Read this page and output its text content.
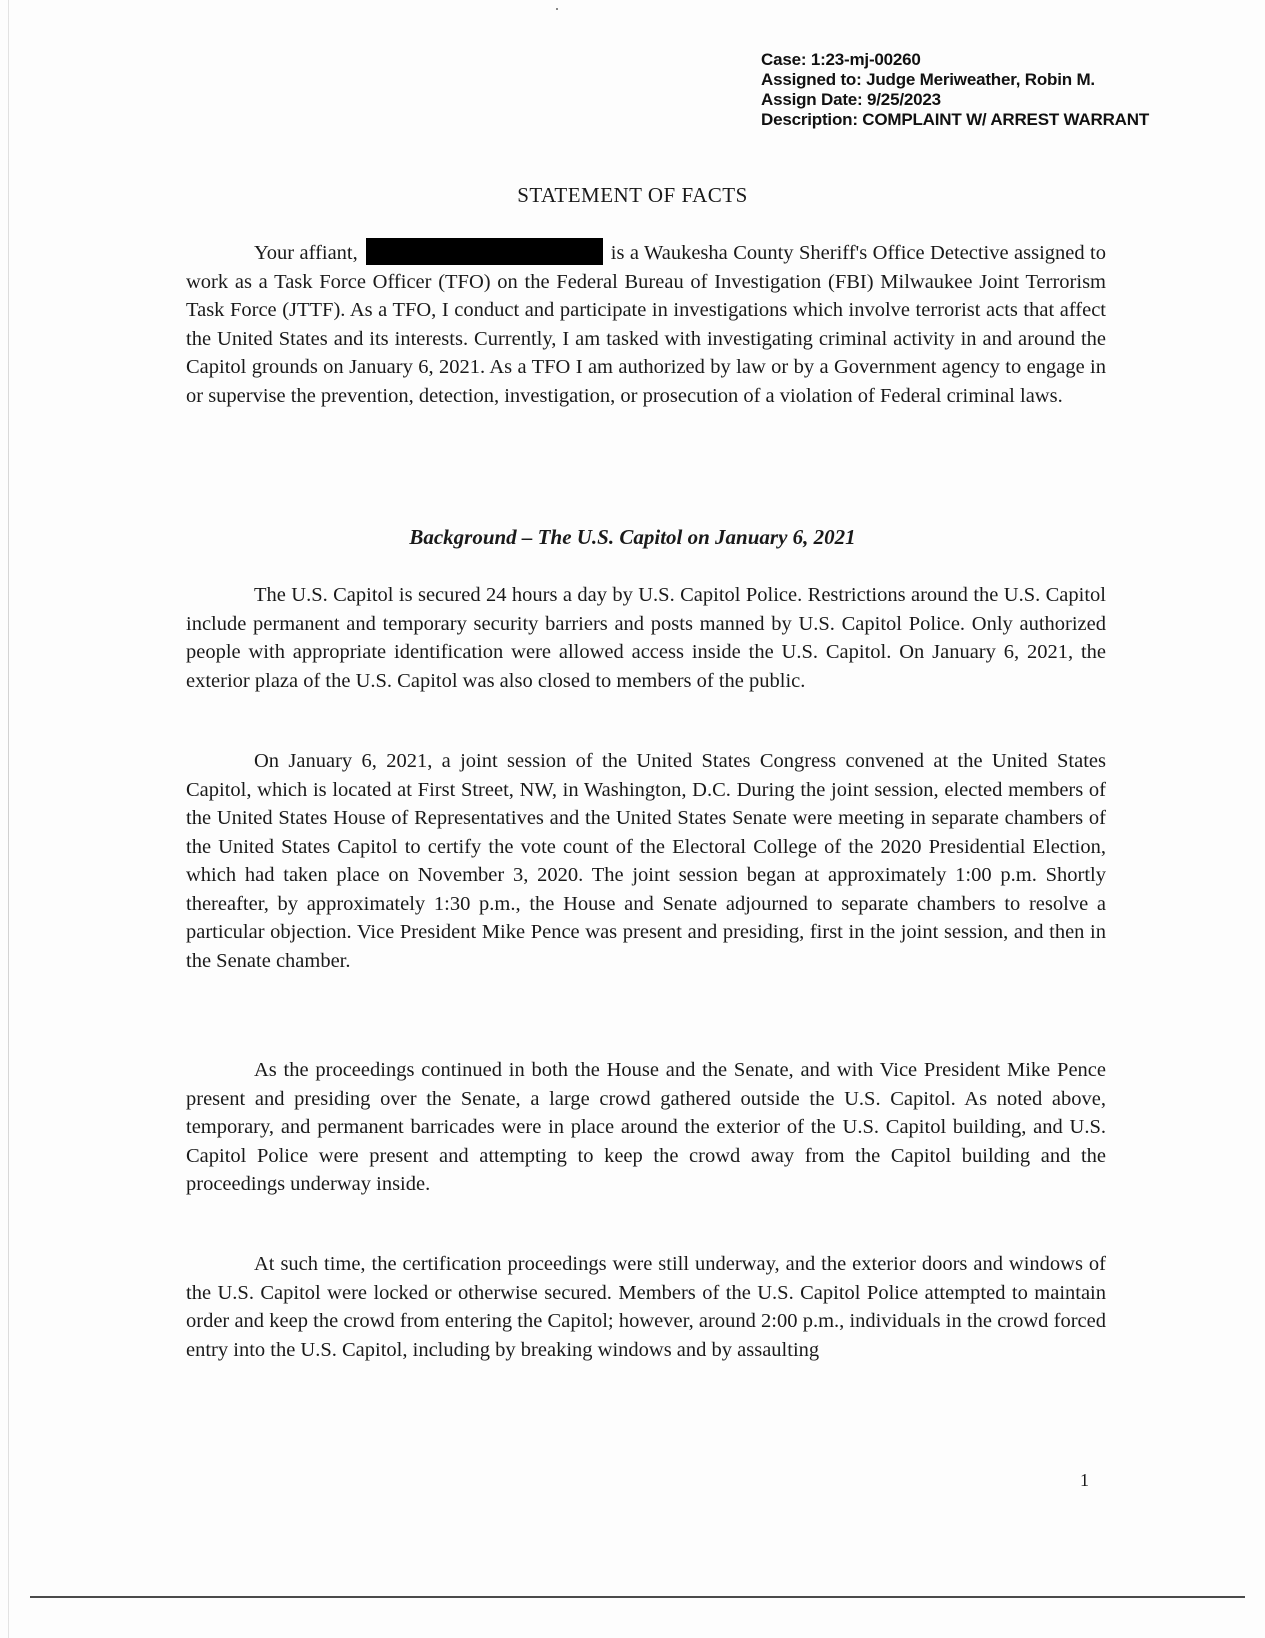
Case: 1:23-mj-00260
Assigned to: Judge Meriweather, Robin M.
Assign Date: 9/25/2023
Description: COMPLAINT W/ ARREST WARRANT
STATEMENT OF FACTS

Your affiant,	is a Waukesha County Sheriff's Office Detective assigned to work as a Task Force Officer (TFO) on the Federal Bureau of Investigation (FBI) Milwaukee Joint Terrorism Task Force (JTTF). As a TFO, I conduct and participate in investigations which involve terrorist acts that affect the United States and its interests. Currently, I am tasked with investigating criminal activity in and around the Capitol grounds on January 6, 2021. As a TFO I am authorized by law or by a Government agency to engage in or supervise the prevention, detection, investigation, or prosecution of a violation of Federal criminal laws.

Background – The U.S. Capitol on January 6, 2021

The U.S. Capitol is secured 24 hours a day by U.S. Capitol Police. Restrictions around the U.S. Capitol include permanent and temporary security barriers and posts manned by U.S. Capitol Police. Only authorized people with appropriate identification were allowed access inside the U.S. Capitol. On January 6, 2021, the exterior plaza of the U.S. Capitol was also closed to members of the public.

On January 6, 2021, a joint session of the United States Congress convened at the United States Capitol, which is located at First Street, NW, in Washington, D.C. During the joint session, elected members of the United States House of Representatives and the United States Senate were meeting in separate chambers of the United States Capitol to certify the vote count of the Electoral College of the 2020 Presidential Election, which had taken place on November 3, 2020. The joint session began at approximately 1:00 p.m. Shortly thereafter, by approximately 1:30 p.m., the House and Senate adjourned to separate chambers to resolve a particular objection. Vice President Mike Pence was present and presiding, first in the joint session, and then in the Senate chamber.

As the proceedings continued in both the House and the Senate, and with Vice President Mike Pence present and presiding over the Senate, a large crowd gathered outside the U.S. Capitol. As noted above, temporary, and permanent barricades were in place around the exterior of the U.S. Capitol building, and U.S. Capitol Police were present and attempting to keep the crowd away from the Capitol building and the proceedings underway inside.

At such time, the certification proceedings were still underway, and the exterior doors and windows of the U.S. Capitol were locked or otherwise secured. Members of the U.S. Capitol Police attempted to maintain order and keep the crowd from entering the Capitol; however, around 2:00 p.m., individuals in the crowd forced entry into the U.S. Capitol, including by breaking windows and by assaulting

1
